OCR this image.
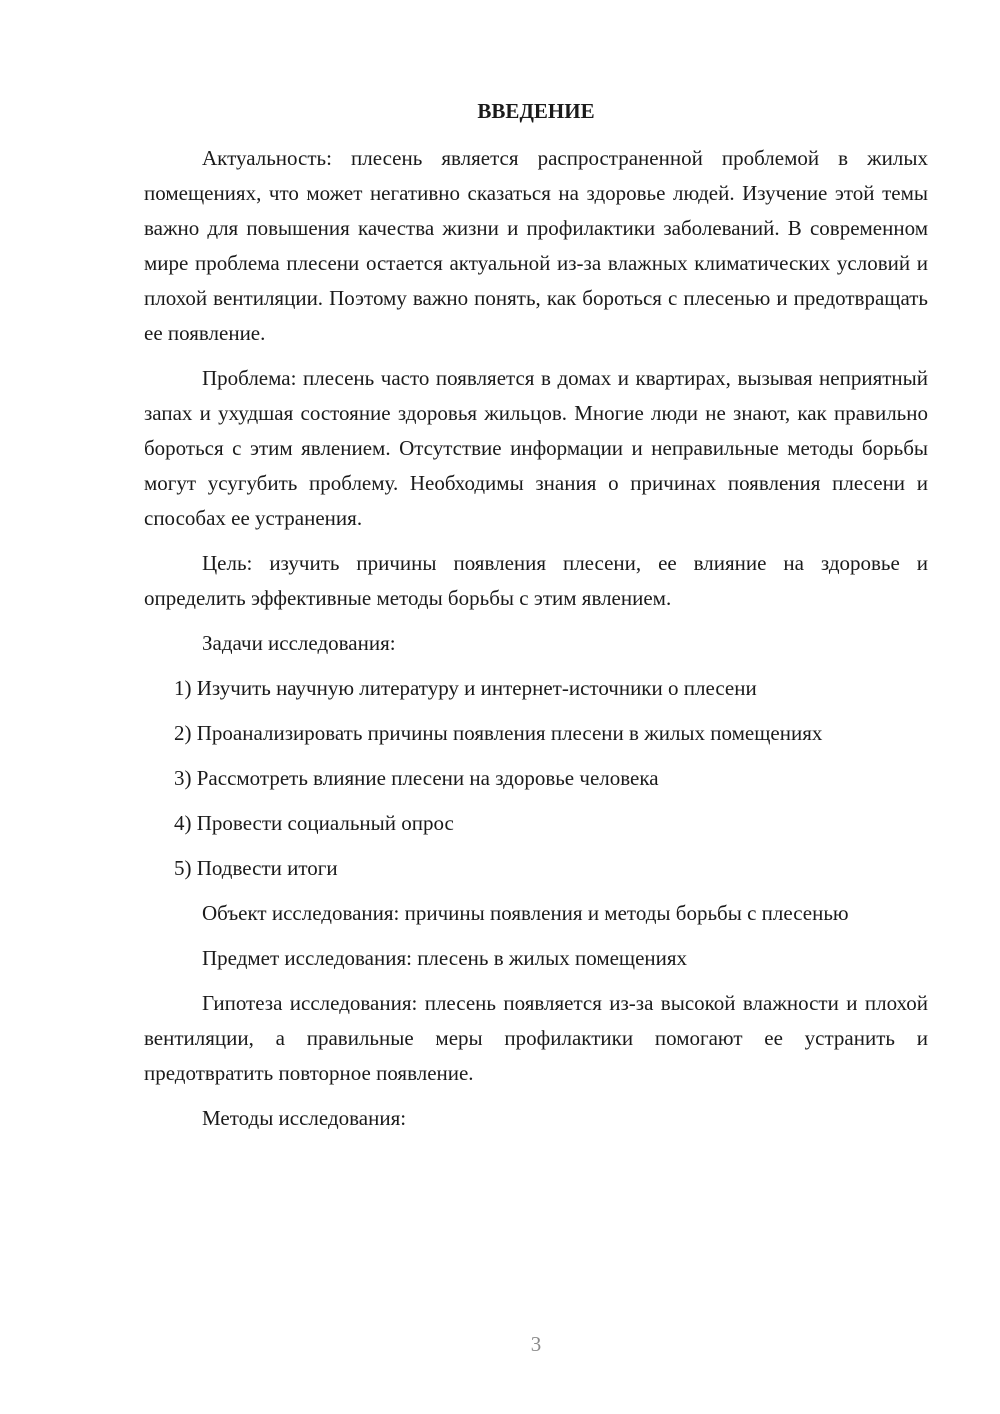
ВВЕДЕНИЕ

Актуальность: плесень является распространенной проблемой в жилых помещениях, что может негативно сказаться на здоровье людей. Изучение этой темы важно для повышения качества жизни и профилактики заболеваний. В современном мире проблема плесени остается актуальной из-за влажных климатических условий и плохой вентиляции. Поэтому важно понять, как бороться с плесенью и предотвращать ее появление.

Проблема: плесень часто появляется в домах и квартирах, вызывая неприятный запах и ухудшая состояние здоровья жильцов. Многие люди не знают, как правильно бороться с этим явлением. Отсутствие информации и неправильные методы борьбы могут усугубить проблему. Необходимы знания о причинах появления плесени и способах ее устранения.

Цель: изучить причины появления плесени, ее влияние на здоровье и определить эффективные методы борьбы с этим явлением.

Задачи исследования:

1) Изучить научную литературу и интернет-источники о плесени

2) Проанализировать причины появления плесени в жилых помещениях

3) Рассмотреть влияние плесени на здоровье человека

4) Провести социальный опрос

5) Подвести итоги

Объект исследования: причины появления и методы борьбы с плесенью

Предмет исследования: плесень в жилых помещениях

Гипотеза исследования: плесень появляется из-за высокой влажности и плохой вентиляции, а правильные меры профилактики помогают ее устранить и предотвратить повторное появление.

Методы исследования:

3
